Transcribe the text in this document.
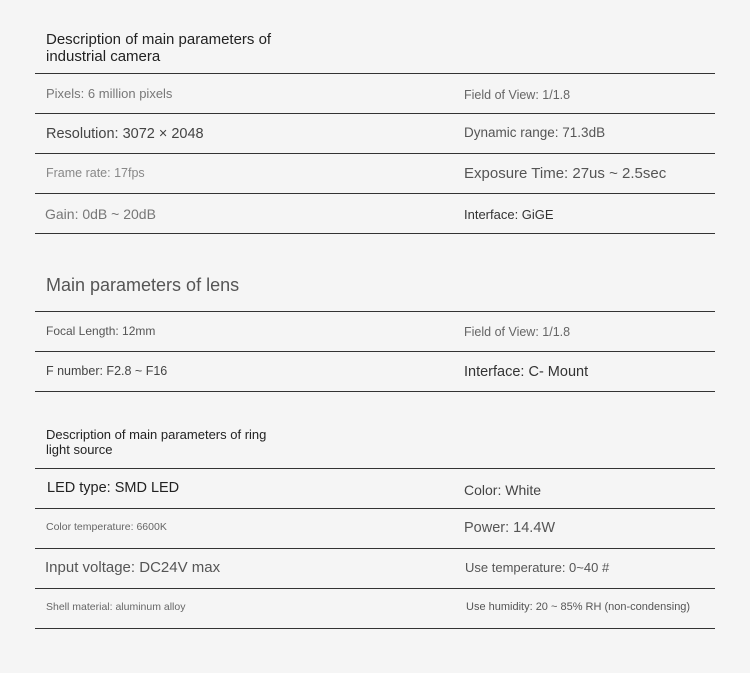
Description of main parameters of
industrial camera
Pixels: 6 million pixels	Field of View: 1/1.8
Resolution: 3072 × 2048	Dynamic range: 71.3dB
Frame rate: 17fps	Exposure Time: 27us ~ 2.5sec
Gain: 0dB ~ 20dB	Interface: GiGE
Main parameters of lens
Focal Length: 12mm	Field of View: 1/1.8
F number: F2.8 ~ F16	Interface: C- Mount
Description of main parameters of ring
light source
LED type: SMD LED	Color: White
Color temperature: 6600K	Power: 14.4W
Input voltage: DC24V max	Use temperature: 0~40 #
Shell material: aluminum alloy	Use humidity: 20 ~ 85% RH (non-condensing)
